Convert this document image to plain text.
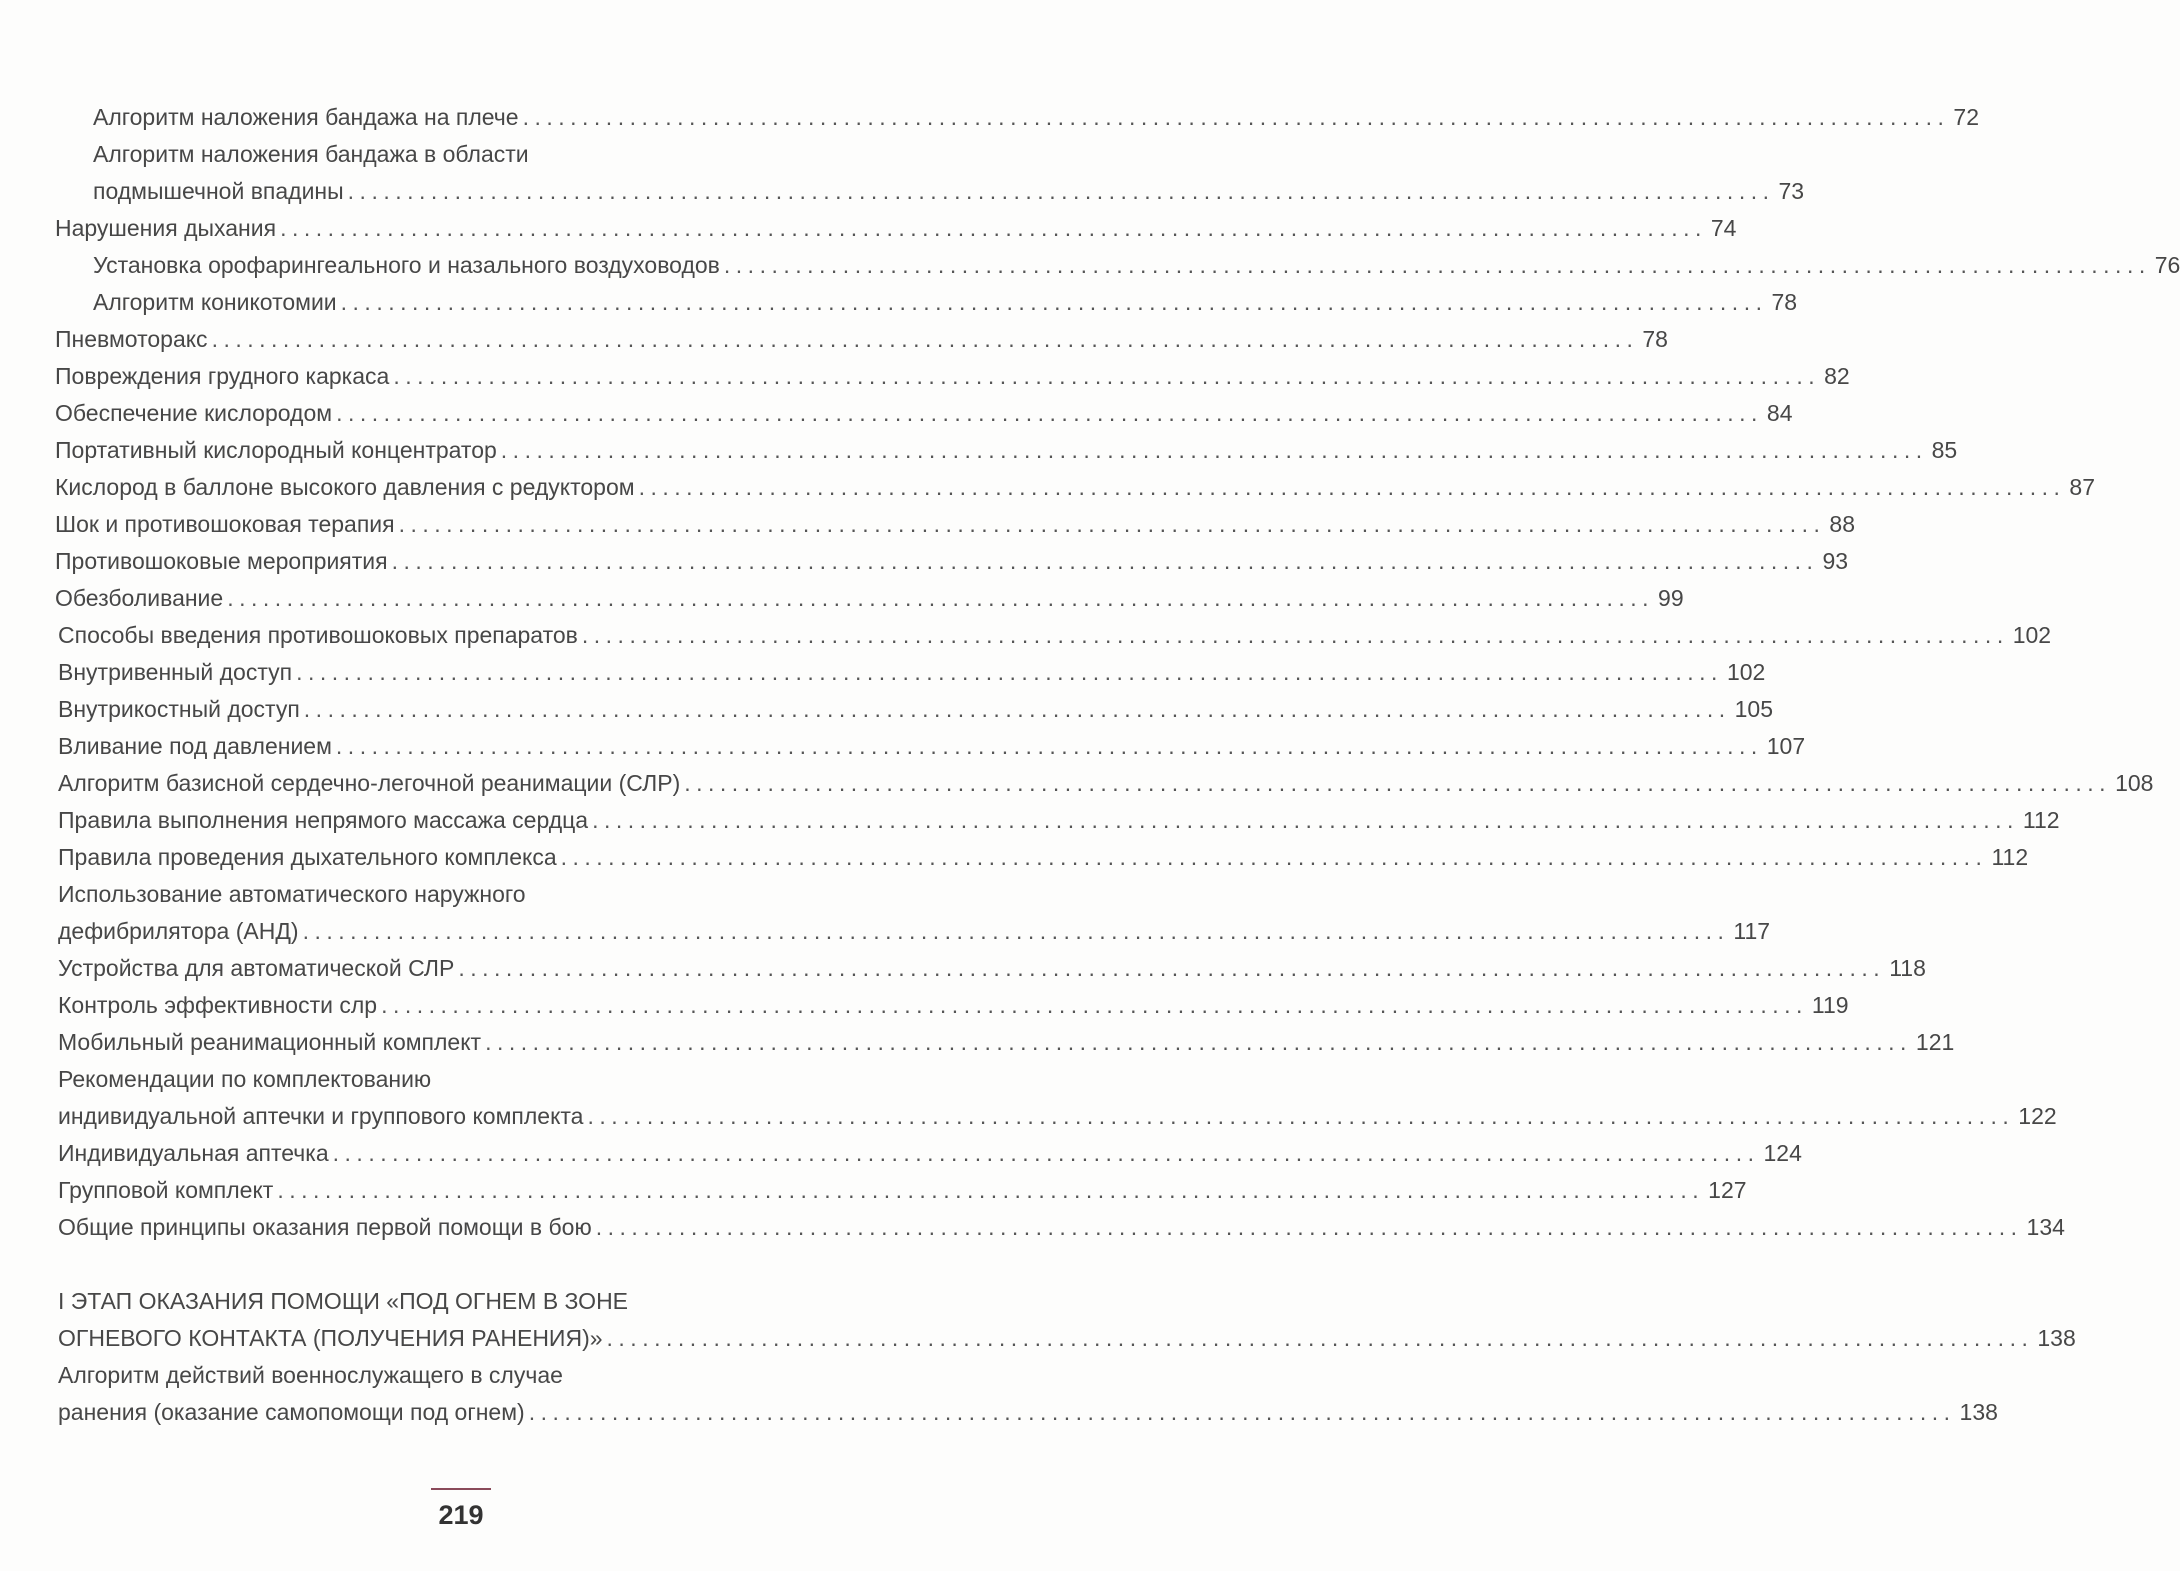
Алгоритм наложения бандажа на плече ........................................................................................................................ 72
Алгоритм наложения бандажа в области
подмышечной впадины ........................................................................................................................ 73
Нарушения дыхания ........................................................................................................................ 74
Установка орофарингеального и назального воздуховодов ........................................................................................................................ 76
Алгоритм коникотомии ........................................................................................................................ 78
Пневмоторакс ........................................................................................................................ 78
Повреждения грудного каркаса ........................................................................................................................ 82
Обеспечение кислородом ........................................................................................................................ 84
Портативный кислородный концентратор ........................................................................................................................ 85
Кислород в баллоне высокого давления с редуктором ........................................................................................................................ 87
Шок и противошоковая терапия ........................................................................................................................ 88
Противошоковые мероприятия ........................................................................................................................ 93
Обезболивание ........................................................................................................................ 99
Способы введения противошоковых препаратов ........................................................................................................................ 102
Внутривенный доступ ........................................................................................................................ 102
Внутрикостный доступ ........................................................................................................................ 105
Вливание под давлением ........................................................................................................................ 107
Алгоритм базисной сердечно-легочной реанимации (СЛР) ........................................................................................................................ 108
Правила выполнения непрямого массажа сердца ........................................................................................................................ 112
Правила проведения дыхательного комплекса ........................................................................................................................ 112
Использование автоматического наружного
дефибрилятора (АНД) ........................................................................................................................ 117
Устройства для автоматической СЛР ........................................................................................................................ 118
Контроль эффективности слр ........................................................................................................................ 119
Мобильный реанимационный комплект ........................................................................................................................ 121
Рекомендации по комплектованию
индивидуальной аптечки и группового комплекта ........................................................................................................................ 122
Индивидуальная аптечка ........................................................................................................................ 124
Групповой комплект ........................................................................................................................ 127
Общие принципы оказания первой помощи в бою ........................................................................................................................ 134
I ЭТАП ОКАЗАНИЯ ПОМОЩИ «ПОД ОГНЕМ В ЗОНЕ
ОГНЕВОГО КОНТАКТА (ПОЛУЧЕНИЯ РАНЕНИЯ)» ........................................................................................................................ 138
Алгоритм действий военнослужащего в случае
ранения (оказание самопомощи под огнем) ........................................................................................................................ 138
219
